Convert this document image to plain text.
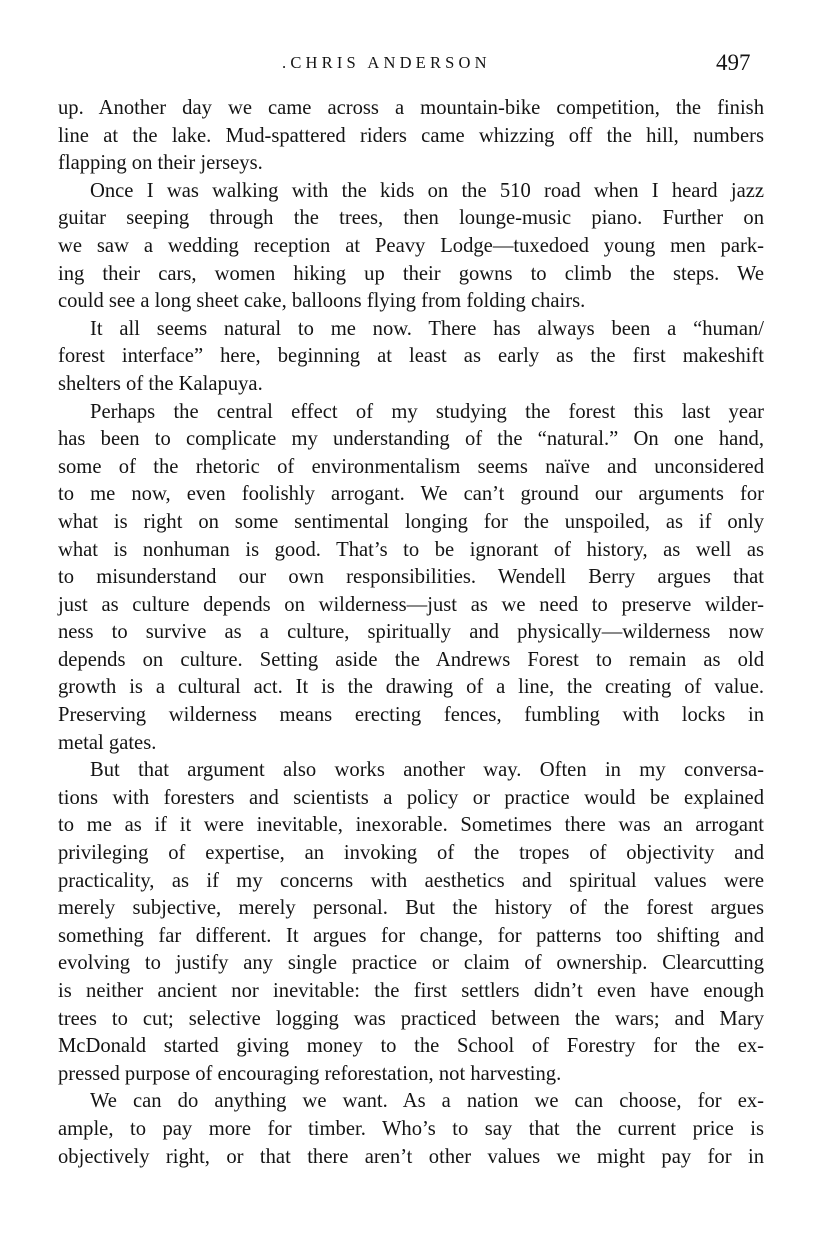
.CHRIS ANDERSON	497
up. Another day we came across a mountain-bike competition, the finish
line at the lake. Mud-spattered riders came whizzing off the hill, numbers
flapping on their jerseys.
Once I was walking with the kids on the 510 road when I heard jazz
guitar seeping through the trees, then lounge-music piano. Further on
we saw a wedding reception at Peavy Lodge—tuxedoed young men park-
ing their cars, women hiking up their gowns to climb the steps. We
could see a long sheet cake, balloons flying from folding chairs.
It all seems natural to me now. There has always been a “human/
forest interface” here, beginning at least as early as the first makeshift
shelters of the Kalapuya.
Perhaps the central effect of my studying the forest this last year
has been to complicate my understanding of the “natural.” On one hand,
some of the rhetoric of environmentalism seems naïve and unconsidered
to me now, even foolishly arrogant. We can’t ground our arguments for
what is right on some sentimental longing for the unspoiled, as if only
what is nonhuman is good. That’s to be ignorant of history, as well as
to misunderstand our own responsibilities. Wendell Berry argues that
just as culture depends on wilderness—just as we need to preserve wilder-
ness to survive as a culture, spiritually and physically—wilderness now
depends on culture. Setting aside the Andrews Forest to remain as old
growth is a cultural act. It is the drawing of a line, the creating of value.
Preserving wilderness means erecting fences, fumbling with locks in
metal gates.
But that argument also works another way. Often in my conversa-
tions with foresters and scientists a policy or practice would be explained
to me as if it were inevitable, inexorable. Sometimes there was an arrogant
privileging of expertise, an invoking of the tropes of objectivity and
practicality, as if my concerns with aesthetics and spiritual values were
merely subjective, merely personal. But the history of the forest argues
something far different. It argues for change, for patterns too shifting and
evolving to justify any single practice or claim of ownership. Clearcutting
is neither ancient nor inevitable: the first settlers didn’t even have enough
trees to cut; selective logging was practiced between the wars; and Mary
McDonald started giving money to the School of Forestry for the ex-
pressed purpose of encouraging reforestation, not harvesting.
We can do anything we want. As a nation we can choose, for ex-
ample, to pay more for timber. Who’s to say that the current price is
objectively right, or that there aren’t other values we might pay for in
